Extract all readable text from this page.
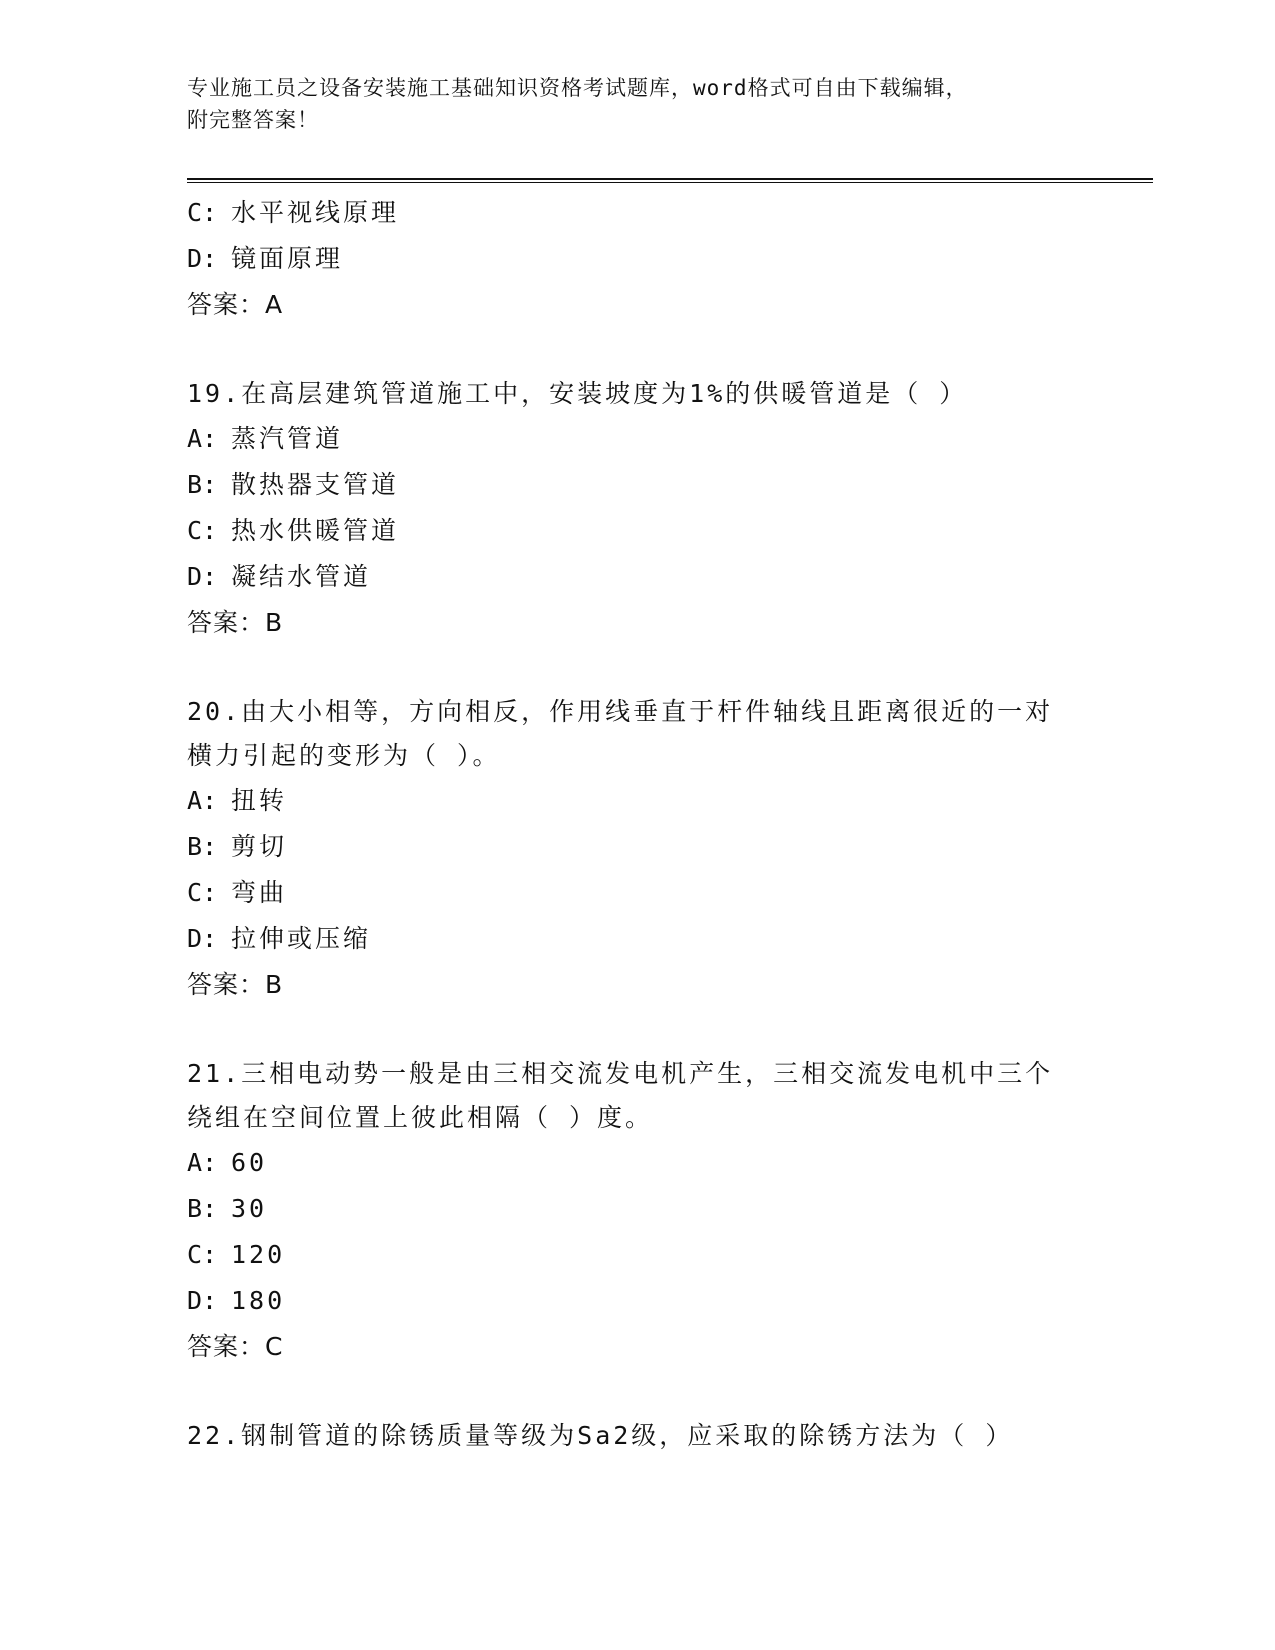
专业施工员之设备安装施工基础知识资格考试题库，word格式可自由下载编辑，
附完整答案！
C: 水平视线原理
D: 镜面原理
答案：A
19.在高层建筑管道施工中，安装坡度为1%的供暖管道是（ ）
A: 蒸汽管道
B: 散热器支管道
C: 热水供暖管道
D: 凝结水管道
答案：B
20.由大小相等，方向相反，作用线垂直于杆件轴线且距离很近的一对
横力引起的变形为（ ）。
A: 扭转
B: 剪切
C: 弯曲
D: 拉伸或压缩
答案：B
21.三相电动势一般是由三相交流发电机产生，三相交流发电机中三个
绕组在空间位置上彼此相隔（ ）度。
A: 60
B: 30
C: 120
D: 180
答案：C
22.钢制管道的除锈质量等级为Sa2级，应采取的除锈方法为（ ）
